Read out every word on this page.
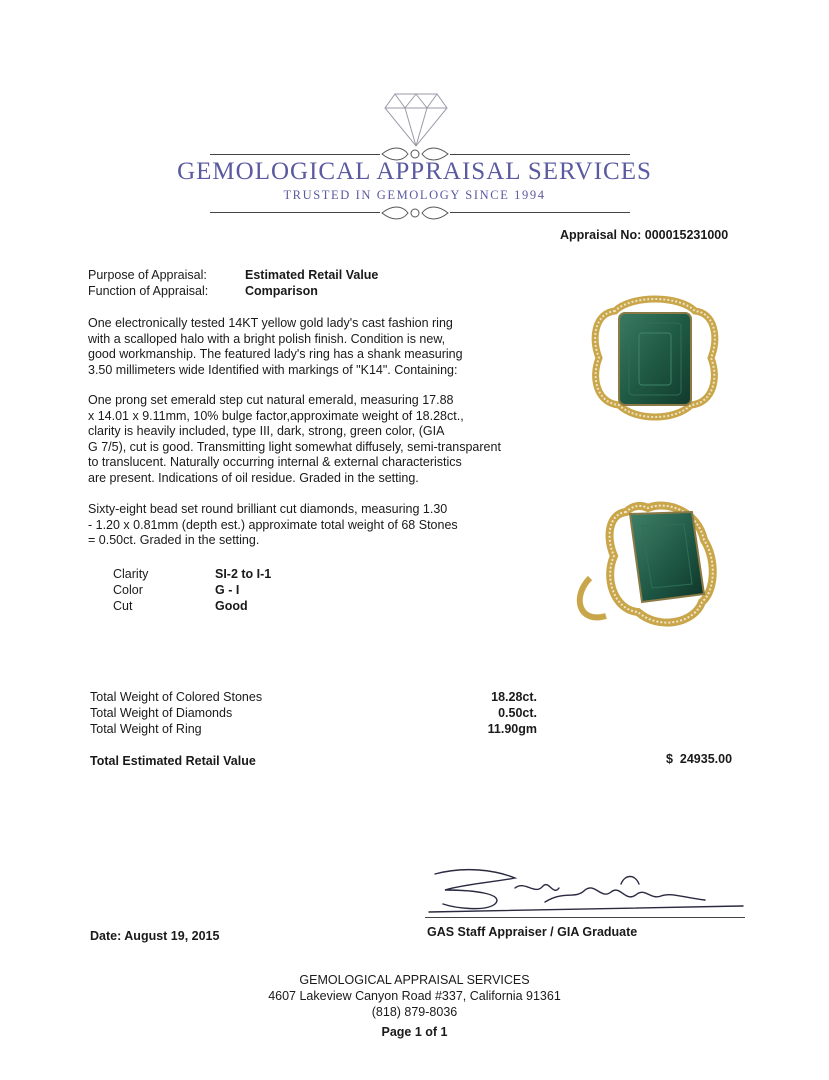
GEMOLOGICAL APPRAISAL SERVICES
TRUSTED IN GEMOLOGY SINCE 1994
Appraisal No: 000015231000
Purpose of Appraisal:	Estimated Retail Value
Function of Appraisal:	Comparison
One electronically tested 14KT yellow gold lady's cast fashion ring
with a scalloped halo with a bright polish finish. Condition is new,
good workmanship. The featured lady's ring has a shank measuring
3.50 millimeters wide Identified with markings of "K14". Containing:
One prong set emerald step cut natural emerald, measuring 17.88
x 14.01 x 9.11mm, 10% bulge factor,approximate weight of 18.28ct.,
clarity is heavily included, type III, dark, strong, green color, (GIA
G 7/5), cut is good. Transmitting light somewhat diffusely, semi-transparent
to translucent. Naturally occurring internal & external characteristics
are present. Indications of oil residue. Graded in the setting.
Sixty-eight bead set round brilliant cut diamonds, measuring 1.30
- 1.20 x 0.81mm (depth est.) approximate total weight of 68 Stones
= 0.50ct. Graded in the setting.
Clarity	SI-2 to I-1
Color	G - I
Cut	Good
Total Weight of Colored Stones	18.28ct.
Total Weight of Diamonds	0.50ct.
Total Weight of Ring	11.90gm
Total Estimated Retail Value	$ 24935.00
Date: August 19, 2015	GAS Staff Appraiser / GIA Graduate
GEMOLOGICAL APPRAISAL SERVICES
4607 Lakeview Canyon Road #337, California 91361
(818) 879-8036
Page 1 of 1
